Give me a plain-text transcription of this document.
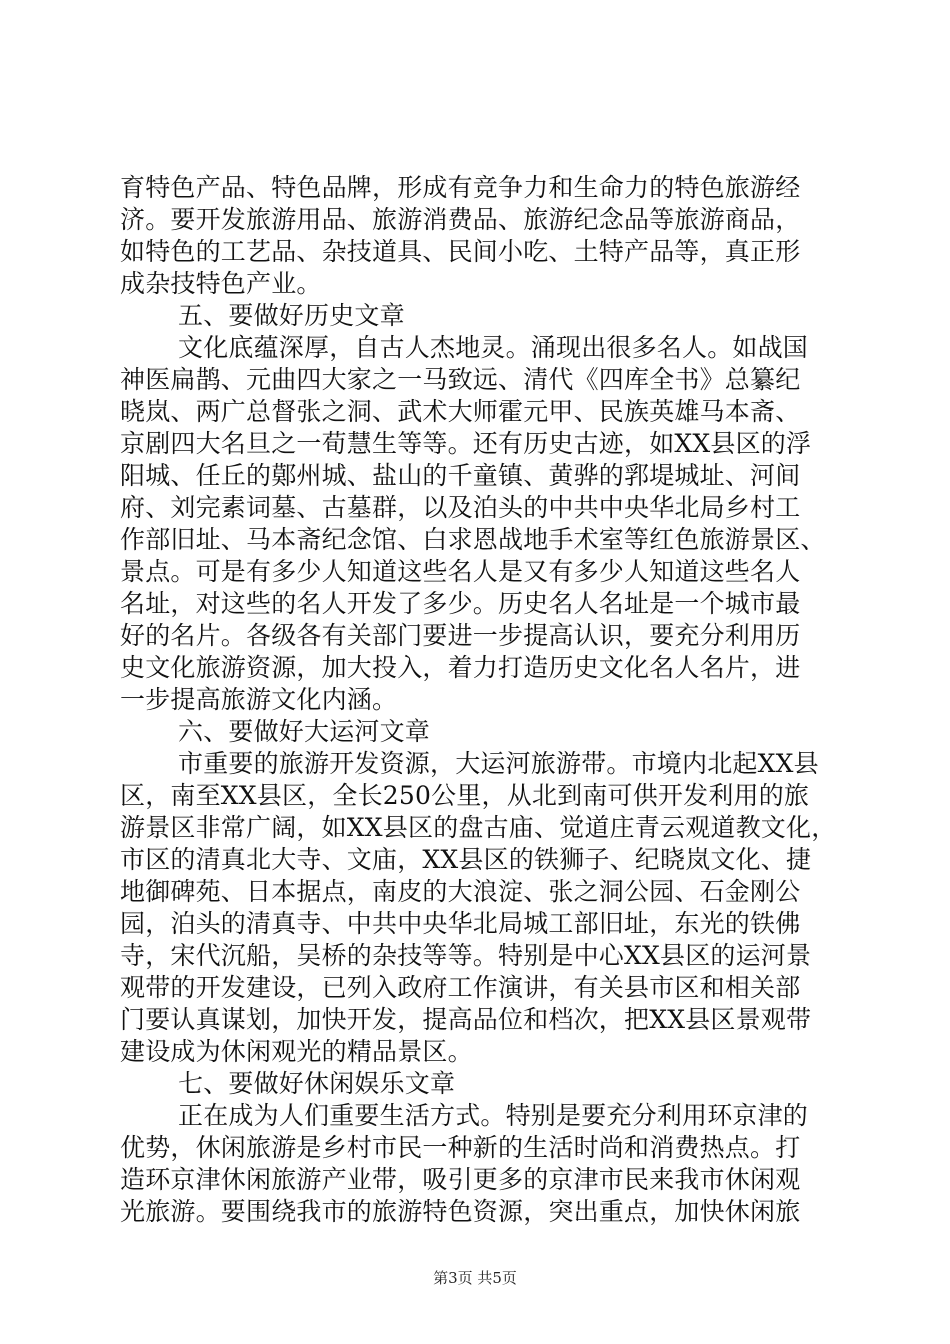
育特色产品、特色品牌，形成有竞争力和生命力的特色旅游经
济。要开发旅游用品、旅游消费品、旅游纪念品等旅游商品，
如特色的工艺品、杂技道具、民间小吃、土特产品等，真正形
成杂技特色产业。
五、要做好历史文章
文化底蕴深厚，自古人杰地灵。涌现出很多名人。如战国
神医扁鹊、元曲四大家之一马致远、清代《四库全书》总纂纪
晓岚、两广总督张之洞、武术大师霍元甲、民族英雄马本斋、
京剧四大名旦之一荀慧生等等。还有历史古迹，如XX县区的浮
阳城、任丘的鄚州城、盐山的千童镇、黄骅的郛堤城址、河间
府、刘完素词墓、古墓群，以及泊头的中共中央华北局乡村工
作部旧址、马本斋纪念馆、白求恩战地手术室等红色旅游景区、
景点。可是有多少人知道这些名人是又有多少人知道这些名人
名址，对这些的名人开发了多少。历史名人名址是一个城市最
好的名片。各级各有关部门要进一步提高认识，要充分利用历
史文化旅游资源，加大投入，着力打造历史文化名人名片，进
一步提高旅游文化内涵。
六、要做好大运河文章
市重要的旅游开发资源，大运河旅游带。市境内北起XX县
区，南至XX县区，全长250公里，从北到南可供开发利用的旅
游景区非常广阔，如XX县区的盘古庙、觉道庄青云观道教文化，
市区的清真北大寺、文庙，XX县区的铁狮子、纪晓岚文化、捷
地御碑苑、日本据点，南皮的大浪淀、张之洞公园、石金刚公
园，泊头的清真寺、中共中央华北局城工部旧址，东光的铁佛
寺，宋代沉船，吴桥的杂技等等。特别是中心XX县区的运河景
观带的开发建设，已列入政府工作演讲，有关县市区和相关部
门要认真谋划，加快开发，提高品位和档次，把XX县区景观带
建设成为休闲观光的精品景区。
七、要做好休闲娱乐文章
正在成为人们重要生活方式。特别是要充分利用环京津的
优势，休闲旅游是乡村市民一种新的生活时尚和消费热点。打
造环京津休闲旅游产业带，吸引更多的京津市民来我市休闲观
光旅游。要围绕我市的旅游特色资源，突出重点，加快休闲旅
第3页 共5页
